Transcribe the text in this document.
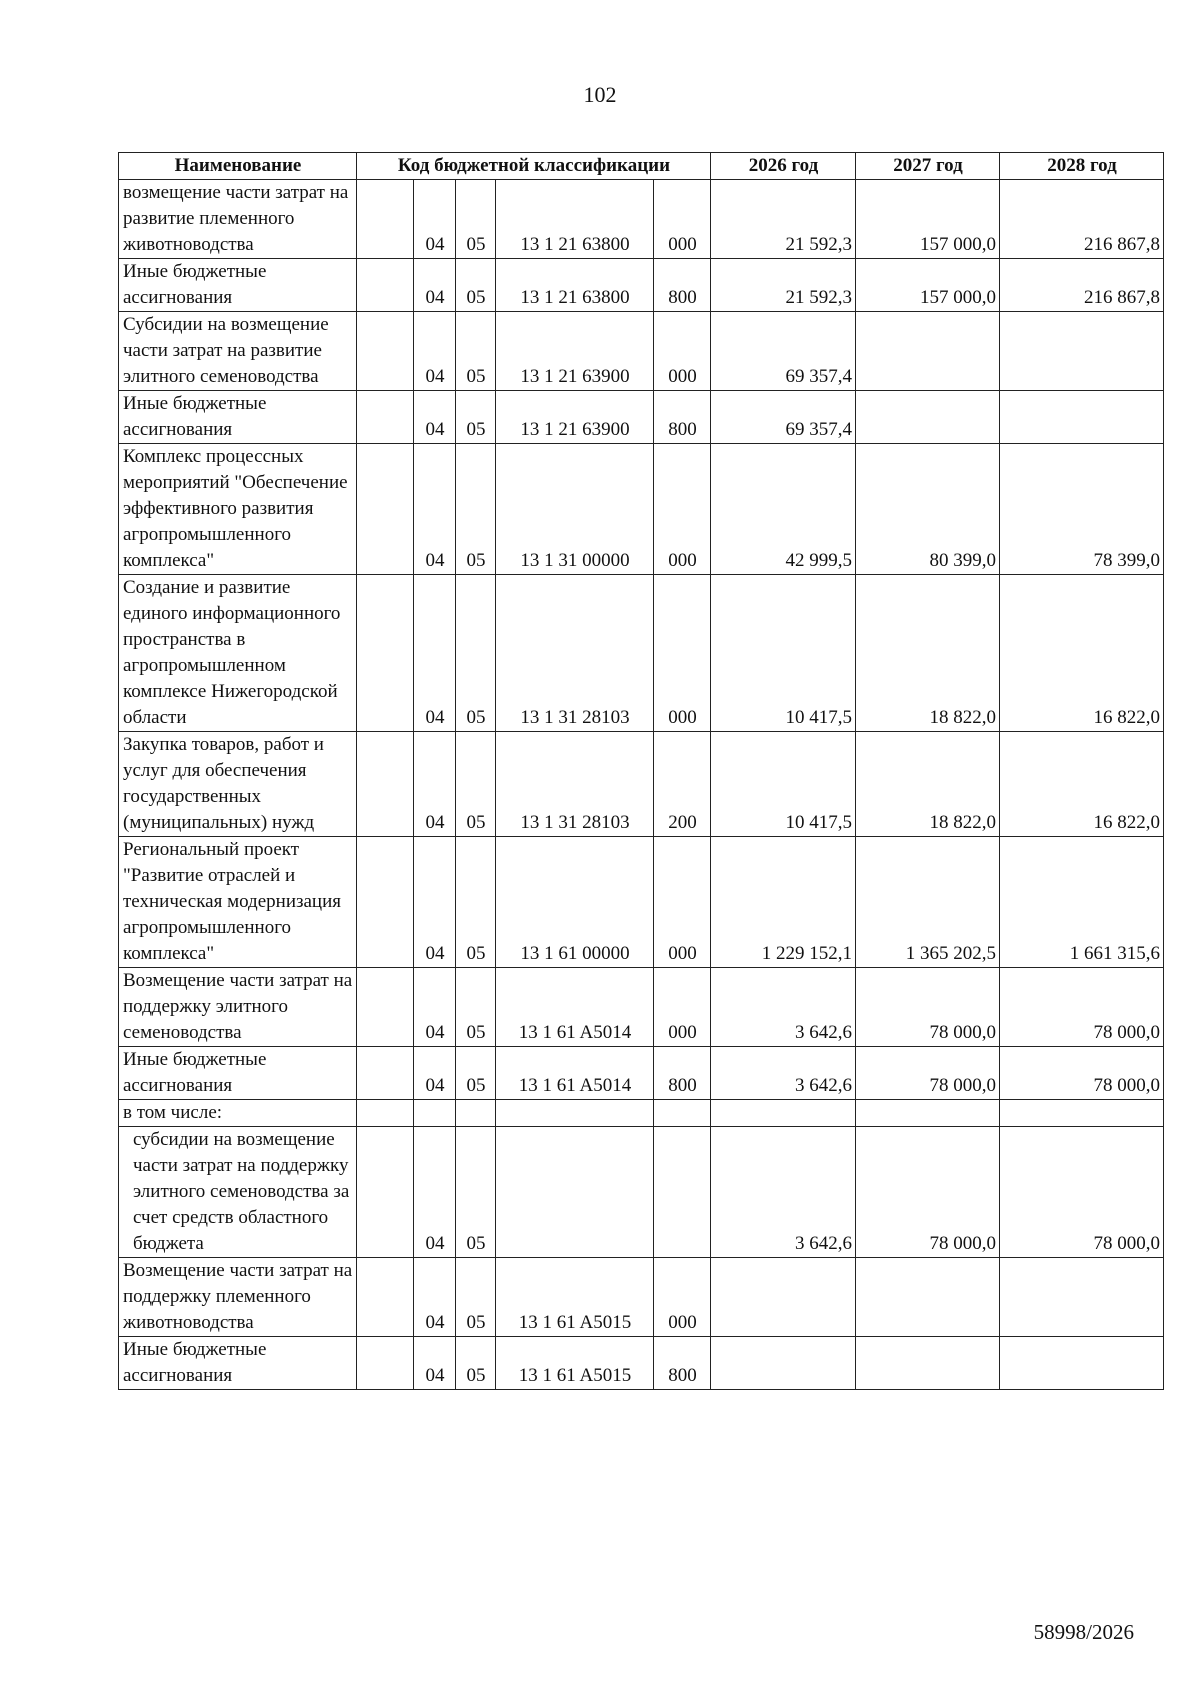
102
Наименование	Код бюджетной классификации					2026 год	2027 год	2028 год
возмещение части затрат на развитие племенного животноводства		04	05	13 1 21 63800	000	21 592,3	157 000,0	216 867,8
Иные бюджетные ассигнования		04	05	13 1 21 63800	800	21 592,3	157 000,0	216 867,8
Субсидии на возмещение части затрат на развитие элитного семеноводства		04	05	13 1 21 63900	000	69 357,4		
Иные бюджетные ассигнования		04	05	13 1 21 63900	800	69 357,4		
Комплекс процессных мероприятий "Обеспечение эффективного развития агропромышленного комплекса"		04	05	13 1 31 00000	000	42 999,5	80 399,0	78 399,0
Создание и развитие единого информационного пространства в агропромышленном комплексе Нижегородской области		04	05	13 1 31 28103	000	10 417,5	18 822,0	16 822,0
Закупка товаров, работ и услуг для обеспечения государственных (муниципальных) нужд		04	05	13 1 31 28103	200	10 417,5	18 822,0	16 822,0
Региональный проект "Развитие отраслей и техническая модернизация агропромышленного комплекса"		04	05	13 1 61 00000	000	1 229 152,1	1 365 202,5	1 661 315,6
Возмещение части затрат на поддержку элитного семеноводства		04	05	13 1 61 A5014	000	3 642,6	78 000,0	78 000,0
Иные бюджетные ассигнования		04	05	13 1 61 A5014	800	3 642,6	78 000,0	78 000,0
в том числе:								
субсидии на возмещение части затрат на поддержку элитного семеноводства за счет средств областного бюджета		04	05			3 642,6	78 000,0	78 000,0
Возмещение части затрат на поддержку племенного животноводства		04	05	13 1 61 A5015	000			
Иные бюджетные ассигнования		04	05	13 1 61 A5015	800			
58998/2026
